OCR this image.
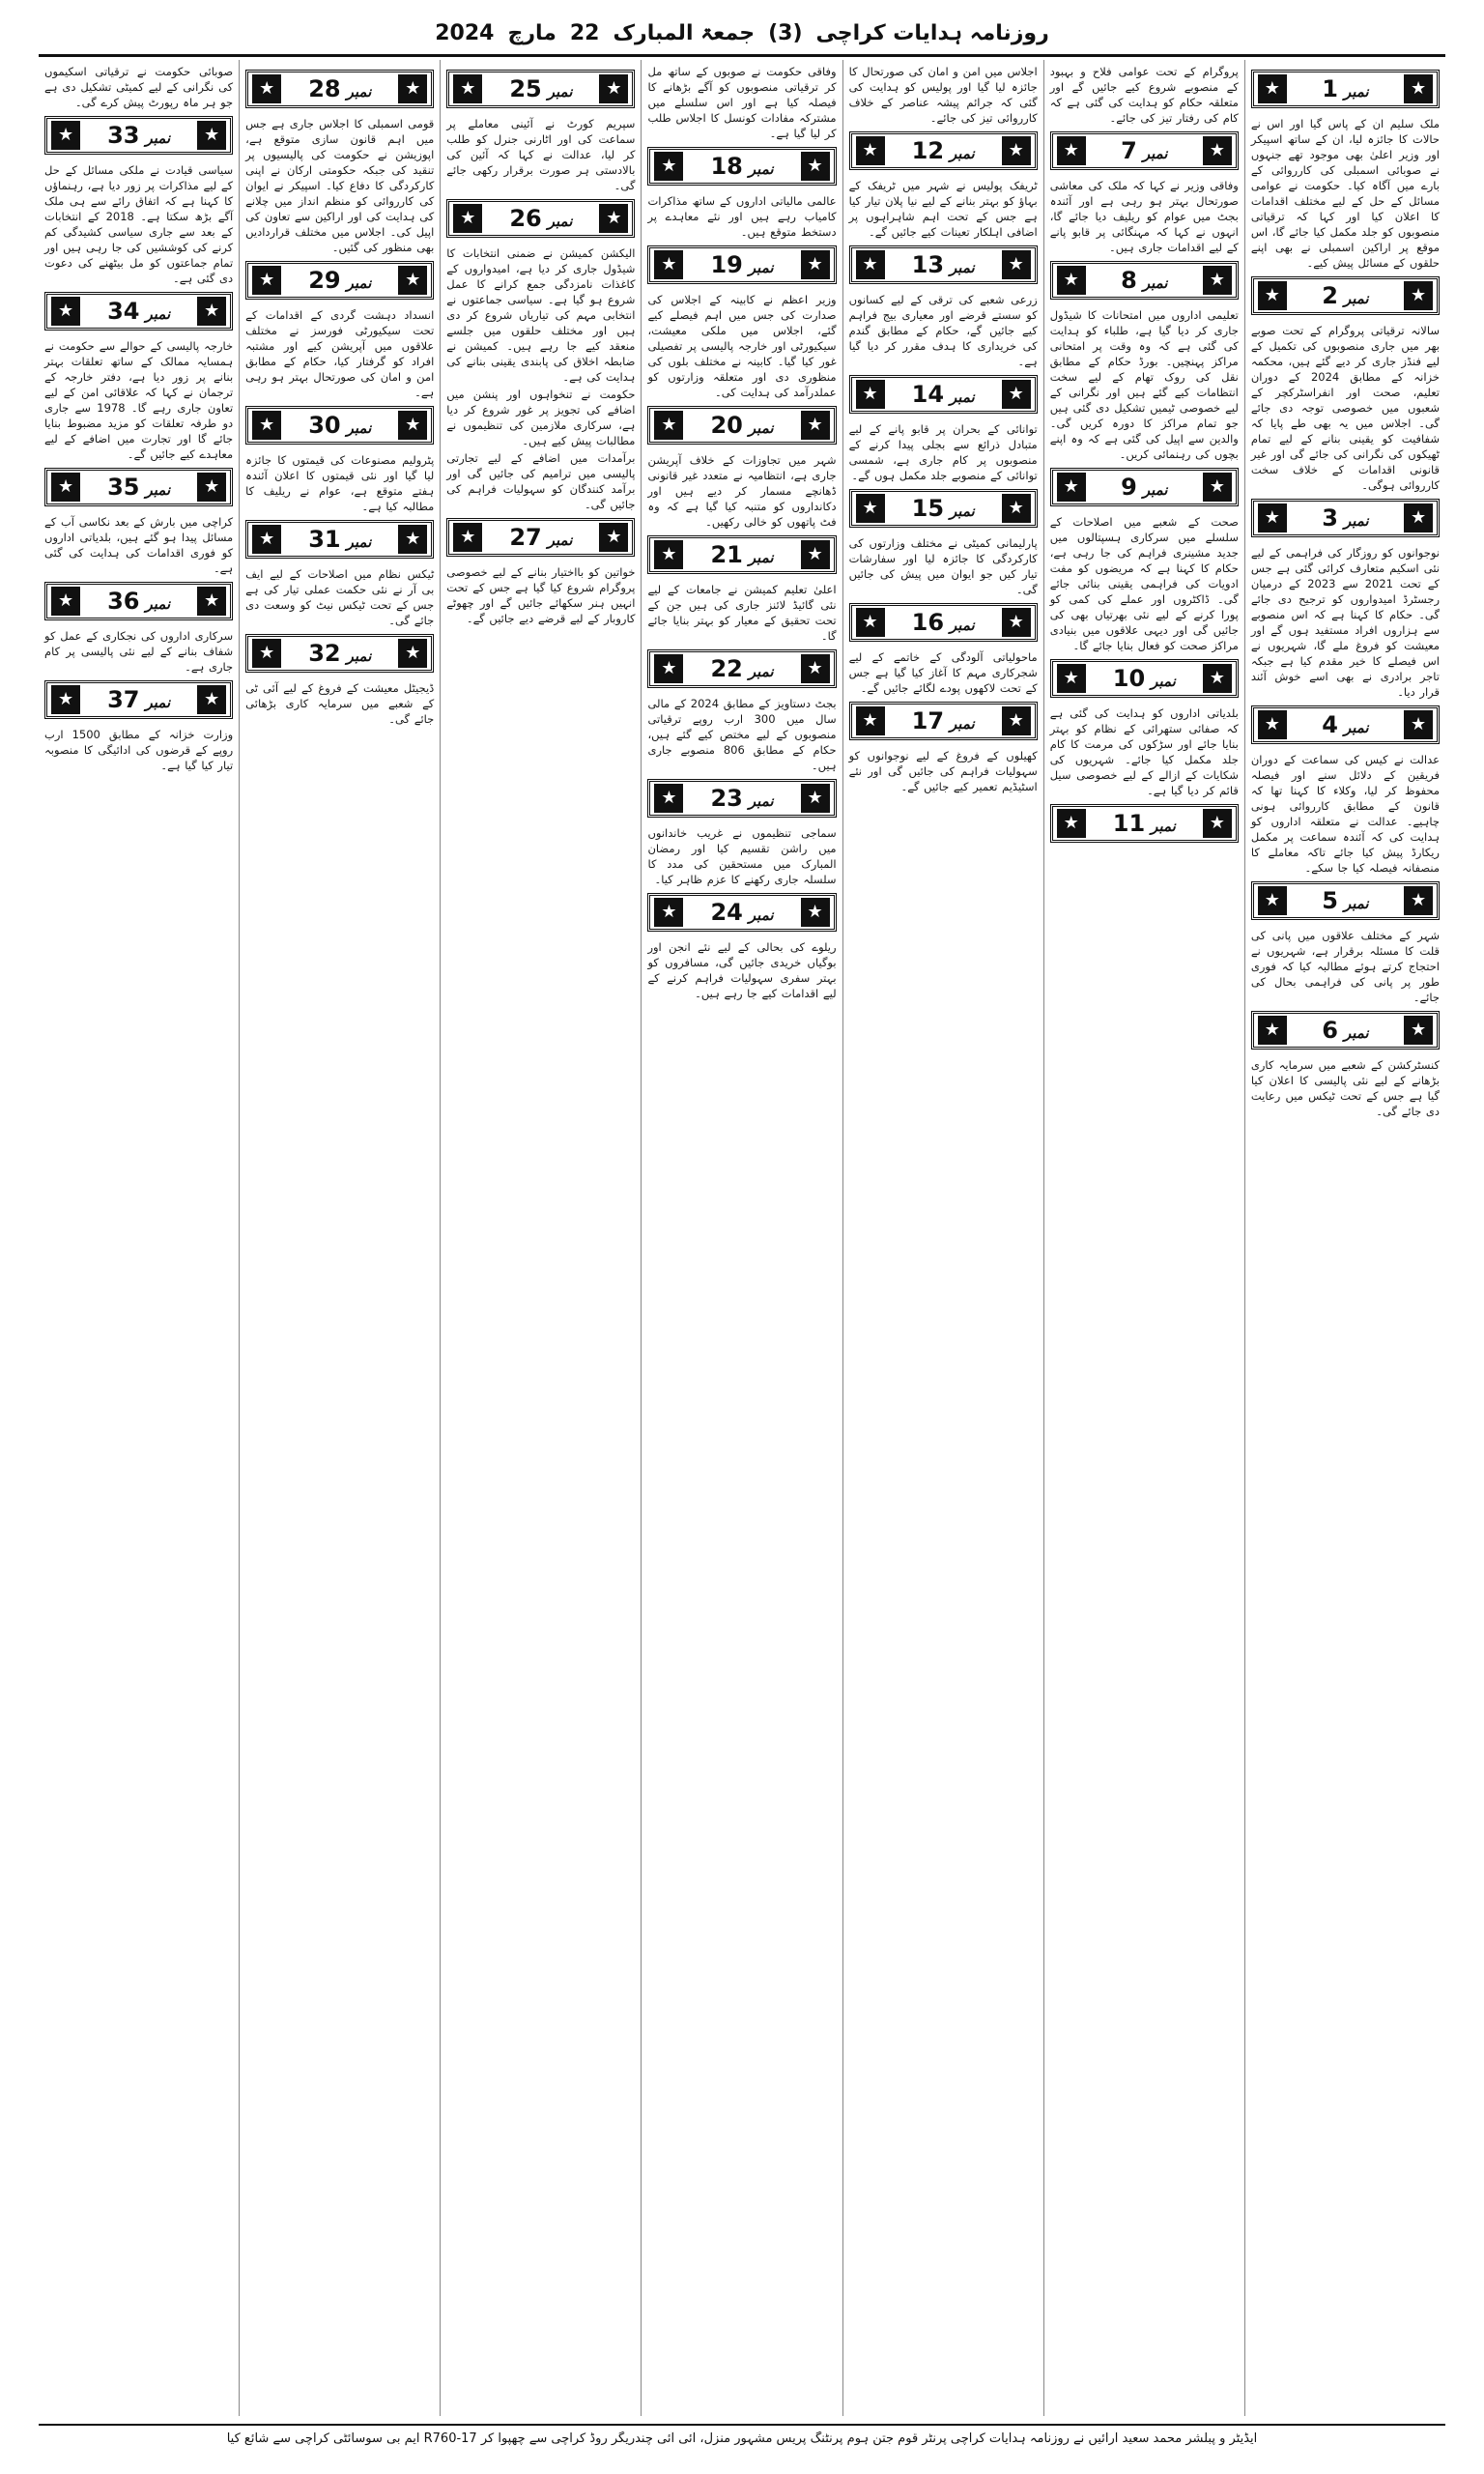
روزنامہ ہدایات کراچی
(3)
جمعۃ المبارک
22
مارچ
2024
★
نمبر
1
★

ملک سلیم ان کے پاس گیا اور اس نے حالات کا جائزہ لیا، ان کے ساتھ اسپیکر اور وزیر اعلیٰ بھی موجود تھے جنہوں نے صوبائی اسمبلی کی کارروائی کے بارے میں آگاہ کیا۔ حکومت نے عوامی مسائل کے حل کے لیے مختلف اقدامات کا اعلان کیا اور کہا کہ ترقیاتی منصوبوں کو جلد مکمل کیا جائے گا، اس موقع پر اراکین اسمبلی نے بھی اپنے حلقوں کے مسائل پیش کیے۔

★
نمبر
2
★

سالانہ ترقیاتی پروگرام کے تحت صوبے بھر میں جاری منصوبوں کی تکمیل کے لیے فنڈز جاری کر دیے گئے ہیں، محکمہ خزانہ کے مطابق 2024 کے دوران تعلیم، صحت اور انفراسٹرکچر کے شعبوں میں خصوصی توجہ دی جائے گی۔ اجلاس میں یہ بھی طے پایا کہ شفافیت کو یقینی بنانے کے لیے تمام ٹھیکوں کی نگرانی کی جائے گی اور غیر قانونی اقدامات کے خلاف سخت کارروائی ہوگی۔

★
نمبر
3
★

نوجوانوں کو روزگار کی فراہمی کے لیے نئی اسکیم متعارف کرائی گئی ہے جس کے تحت 2021 سے 2023 کے درمیان رجسٹرڈ امیدواروں کو ترجیح دی جائے گی۔ حکام کا کہنا ہے کہ اس منصوبے سے ہزاروں افراد مستفید ہوں گے اور معیشت کو فروغ ملے گا، شہریوں نے اس فیصلے کا خیر مقدم کیا ہے جبکہ تاجر برادری نے بھی اسے خوش آئند قرار دیا۔

★
نمبر
4
★

عدالت نے کیس کی سماعت کے دوران فریقین کے دلائل سنے اور فیصلہ محفوظ کر لیا، وکلاء کا کہنا تھا کہ قانون کے مطابق کارروائی ہونی چاہیے۔ عدالت نے متعلقہ اداروں کو ہدایت کی کہ آئندہ سماعت پر مکمل ریکارڈ پیش کیا جائے تاکہ معاملے کا منصفانہ فیصلہ کیا جا سکے۔

★
نمبر
5
★

شہر کے مختلف علاقوں میں پانی کی قلت کا مسئلہ برقرار ہے، شہریوں نے احتجاج کرتے ہوئے مطالبہ کیا کہ فوری طور پر پانی کی فراہمی بحال کی جائے۔

★
نمبر
6
★

کنسٹرکشن کے شعبے میں سرمایہ کاری بڑھانے کے لیے نئی پالیسی کا اعلان کیا گیا ہے جس کے تحت ٹیکس میں رعایت دی جائے گی۔

پروگرام کے تحت عوامی فلاح و بہبود کے منصوبے شروع کیے جائیں گے اور متعلقہ حکام کو ہدایت کی گئی ہے کہ کام کی رفتار تیز کی جائے۔

★
نمبر
7
★

وفاقی وزیر نے کہا کہ ملک کی معاشی صورتحال بہتر ہو رہی ہے اور آئندہ بجٹ میں عوام کو ریلیف دیا جائے گا، انہوں نے کہا کہ مہنگائی پر قابو پانے کے لیے اقدامات جاری ہیں۔

★
نمبر
8
★

تعلیمی اداروں میں امتحانات کا شیڈول جاری کر دیا گیا ہے، طلباء کو ہدایت کی گئی ہے کہ وہ وقت پر امتحانی مراکز پہنچیں۔ بورڈ حکام کے مطابق نقل کی روک تھام کے لیے سخت انتظامات کیے گئے ہیں اور نگرانی کے لیے خصوصی ٹیمیں تشکیل دی گئی ہیں جو تمام مراکز کا دورہ کریں گی۔ والدین سے اپیل کی گئی ہے کہ وہ اپنے بچوں کی رہنمائی کریں۔

★
نمبر
9
★

صحت کے شعبے میں اصلاحات کے سلسلے میں سرکاری ہسپتالوں میں جدید مشینری فراہم کی جا رہی ہے، حکام کا کہنا ہے کہ مریضوں کو مفت ادویات کی فراہمی یقینی بنائی جائے گی۔ ڈاکٹروں اور عملے کی کمی کو پورا کرنے کے لیے نئی بھرتیاں بھی کی جائیں گی اور دیہی علاقوں میں بنیادی مراکز صحت کو فعال بنایا جائے گا۔

★
نمبر
10
★

بلدیاتی اداروں کو ہدایت کی گئی ہے کہ صفائی ستھرائی کے نظام کو بہتر بنایا جائے اور سڑکوں کی مرمت کا کام جلد مکمل کیا جائے۔ شہریوں کی شکایات کے ازالے کے لیے خصوصی سیل قائم کر دیا گیا ہے۔

★
نمبر
11
★

اجلاس میں امن و امان کی صورتحال کا جائزہ لیا گیا اور پولیس کو ہدایت کی گئی کہ جرائم پیشہ عناصر کے خلاف کارروائی تیز کی جائے۔

★
نمبر
12
★

ٹریفک پولیس نے شہر میں ٹریفک کے بہاؤ کو بہتر بنانے کے لیے نیا پلان تیار کیا ہے جس کے تحت اہم شاہراہوں پر اضافی اہلکار تعینات کیے جائیں گے۔

★
نمبر
13
★

زرعی شعبے کی ترقی کے لیے کسانوں کو سستے قرضے اور معیاری بیج فراہم کیے جائیں گے، حکام کے مطابق گندم کی خریداری کا ہدف مقرر کر دیا گیا ہے۔

★
نمبر
14
★

توانائی کے بحران پر قابو پانے کے لیے متبادل ذرائع سے بجلی پیدا کرنے کے منصوبوں پر کام جاری ہے، شمسی توانائی کے منصوبے جلد مکمل ہوں گے۔

★
نمبر
15
★

پارلیمانی کمیٹی نے مختلف وزارتوں کی کارکردگی کا جائزہ لیا اور سفارشات تیار کیں جو ایوان میں پیش کی جائیں گی۔

★
نمبر
16
★

ماحولیاتی آلودگی کے خاتمے کے لیے شجرکاری مہم کا آغاز کیا گیا ہے جس کے تحت لاکھوں پودے لگائے جائیں گے۔

★
نمبر
17
★

کھیلوں کے فروغ کے لیے نوجوانوں کو سہولیات فراہم کی جائیں گی اور نئے اسٹیڈیم تعمیر کیے جائیں گے۔

وفاقی حکومت نے صوبوں کے ساتھ مل کر ترقیاتی منصوبوں کو آگے بڑھانے کا فیصلہ کیا ہے اور اس سلسلے میں مشترکہ مفادات کونسل کا اجلاس طلب کر لیا گیا ہے۔

★
نمبر
18
★

عالمی مالیاتی اداروں کے ساتھ مذاکرات کامیاب رہے ہیں اور نئے معاہدے پر دستخط متوقع ہیں۔

★
نمبر
19
★

وزیر اعظم نے کابینہ کے اجلاس کی صدارت کی جس میں اہم فیصلے کیے گئے، اجلاس میں ملکی معیشت، سیکیورٹی اور خارجہ پالیسی پر تفصیلی غور کیا گیا۔ کابینہ نے مختلف بلوں کی منظوری دی اور متعلقہ وزارتوں کو عملدرآمد کی ہدایت کی۔

★
نمبر
20
★

شہر میں تجاوزات کے خلاف آپریشن جاری ہے، انتظامیہ نے متعدد غیر قانونی ڈھانچے مسمار کر دیے ہیں اور دکانداروں کو متنبہ کیا گیا ہے کہ وہ فٹ پاتھوں کو خالی رکھیں۔

★
نمبر
21
★

اعلیٰ تعلیم کمیشن نے جامعات کے لیے نئی گائیڈ لائنز جاری کی ہیں جن کے تحت تحقیق کے معیار کو بہتر بنایا جائے گا۔

★
نمبر
22
★

بجٹ دستاویز کے مطابق 2024 کے مالی سال میں 300 ارب روپے ترقیاتی منصوبوں کے لیے مختص کیے گئے ہیں، حکام کے مطابق 806 منصوبے جاری ہیں۔

★
نمبر
23
★

سماجی تنظیموں نے غریب خاندانوں میں راشن تقسیم کیا اور رمضان المبارک میں مستحقین کی مدد کا سلسلہ جاری رکھنے کا عزم ظاہر کیا۔

★
نمبر
24
★

ریلوے کی بحالی کے لیے نئے انجن اور بوگیاں خریدی جائیں گی، مسافروں کو بہتر سفری سہولیات فراہم کرنے کے لیے اقدامات کیے جا رہے ہیں۔

★
نمبر
25
★

سپریم کورٹ نے آئینی معاملے پر سماعت کی اور اٹارنی جنرل کو طلب کر لیا، عدالت نے کہا کہ آئین کی بالادستی ہر صورت برقرار رکھی جائے گی۔

★
نمبر
26
★

الیکشن کمیشن نے ضمنی انتخابات کا شیڈول جاری کر دیا ہے، امیدواروں کے کاغذات نامزدگی جمع کرانے کا عمل شروع ہو گیا ہے۔ سیاسی جماعتوں نے انتخابی مہم کی تیاریاں شروع کر دی ہیں اور مختلف حلقوں میں جلسے منعقد کیے جا رہے ہیں۔ کمیشن نے ضابطہ اخلاق کی پابندی یقینی بنانے کی ہدایت کی ہے۔

حکومت نے تنخواہوں اور پنشن میں اضافے کی تجویز پر غور شروع کر دیا ہے، سرکاری ملازمین کی تنظیموں نے مطالبات پیش کیے ہیں۔

برآمدات میں اضافے کے لیے تجارتی پالیسی میں ترامیم کی جائیں گی اور برآمد کنندگان کو سہولیات فراہم کی جائیں گی۔

★
نمبر
27
★

خواتین کو بااختیار بنانے کے لیے خصوصی پروگرام شروع کیا گیا ہے جس کے تحت انہیں ہنر سکھائے جائیں گے اور چھوٹے کاروبار کے لیے قرضے دیے جائیں گے۔

★
نمبر
28
★

قومی اسمبلی کا اجلاس جاری ہے جس میں اہم قانون سازی متوقع ہے، اپوزیشن نے حکومت کی پالیسیوں پر تنقید کی جبکہ حکومتی ارکان نے اپنی کارکردگی کا دفاع کیا۔ اسپیکر نے ایوان کی کارروائی کو منظم انداز میں چلانے کی ہدایت کی اور اراکین سے تعاون کی اپیل کی۔ اجلاس میں مختلف قراردادیں بھی منظور کی گئیں۔

★
نمبر
29
★

انسداد دہشت گردی کے اقدامات کے تحت سیکیورٹی فورسز نے مختلف علاقوں میں آپریشن کیے اور مشتبہ افراد کو گرفتار کیا، حکام کے مطابق امن و امان کی صورتحال بہتر ہو رہی ہے۔

★
نمبر
30
★

پٹرولیم مصنوعات کی قیمتوں کا جائزہ لیا گیا اور نئی قیمتوں کا اعلان آئندہ ہفتے متوقع ہے، عوام نے ریلیف کا مطالبہ کیا ہے۔

★
نمبر
31
★

ٹیکس نظام میں اصلاحات کے لیے ایف بی آر نے نئی حکمت عملی تیار کی ہے جس کے تحت ٹیکس نیٹ کو وسعت دی جائے گی۔

★
نمبر
32
★

ڈیجیٹل معیشت کے فروغ کے لیے آئی ٹی کے شعبے میں سرمایہ کاری بڑھائی جائے گی۔

صوبائی حکومت نے ترقیاتی اسکیموں کی نگرانی کے لیے کمیٹی تشکیل دی ہے جو ہر ماہ رپورٹ پیش کرے گی۔

★
نمبر
33
★

سیاسی قیادت نے ملکی مسائل کے حل کے لیے مذاکرات پر زور دیا ہے، رہنماؤں کا کہنا ہے کہ اتفاق رائے سے ہی ملک آگے بڑھ سکتا ہے۔ 2018 کے انتخابات کے بعد سے جاری سیاسی کشیدگی کم کرنے کی کوششیں کی جا رہی ہیں اور تمام جماعتوں کو مل بیٹھنے کی دعوت دی گئی ہے۔

★
نمبر
34
★

خارجہ پالیسی کے حوالے سے حکومت نے ہمسایہ ممالک کے ساتھ تعلقات بہتر بنانے پر زور دیا ہے، دفتر خارجہ کے ترجمان نے کہا کہ علاقائی امن کے لیے تعاون جاری رہے گا۔ 1978 سے جاری دو طرفہ تعلقات کو مزید مضبوط بنایا جائے گا اور تجارت میں اضافے کے لیے معاہدے کیے جائیں گے۔

★
نمبر
35
★

کراچی میں بارش کے بعد نکاسی آب کے مسائل پیدا ہو گئے ہیں، بلدیاتی اداروں کو فوری اقدامات کی ہدایت کی گئی ہے۔

★
نمبر
36
★

سرکاری اداروں کی نجکاری کے عمل کو شفاف بنانے کے لیے نئی پالیسی پر کام جاری ہے۔

★
نمبر
37
★

وزارت خزانہ کے مطابق 1500 ارب روپے کے قرضوں کی ادائیگی کا منصوبہ تیار کیا گیا ہے۔

ایڈیٹر و پبلشر محمد سعید آرائیں نے روزنامہ ہدایات کراچی پرنٹر قوم جتن ہوم پرنٹنگ پریس مشہور منزل، آئی آئی چندریگر روڈ کراچی سے چھپوا کر R760-17 ایم بی سوسائٹی کراچی سے شائع کیا
